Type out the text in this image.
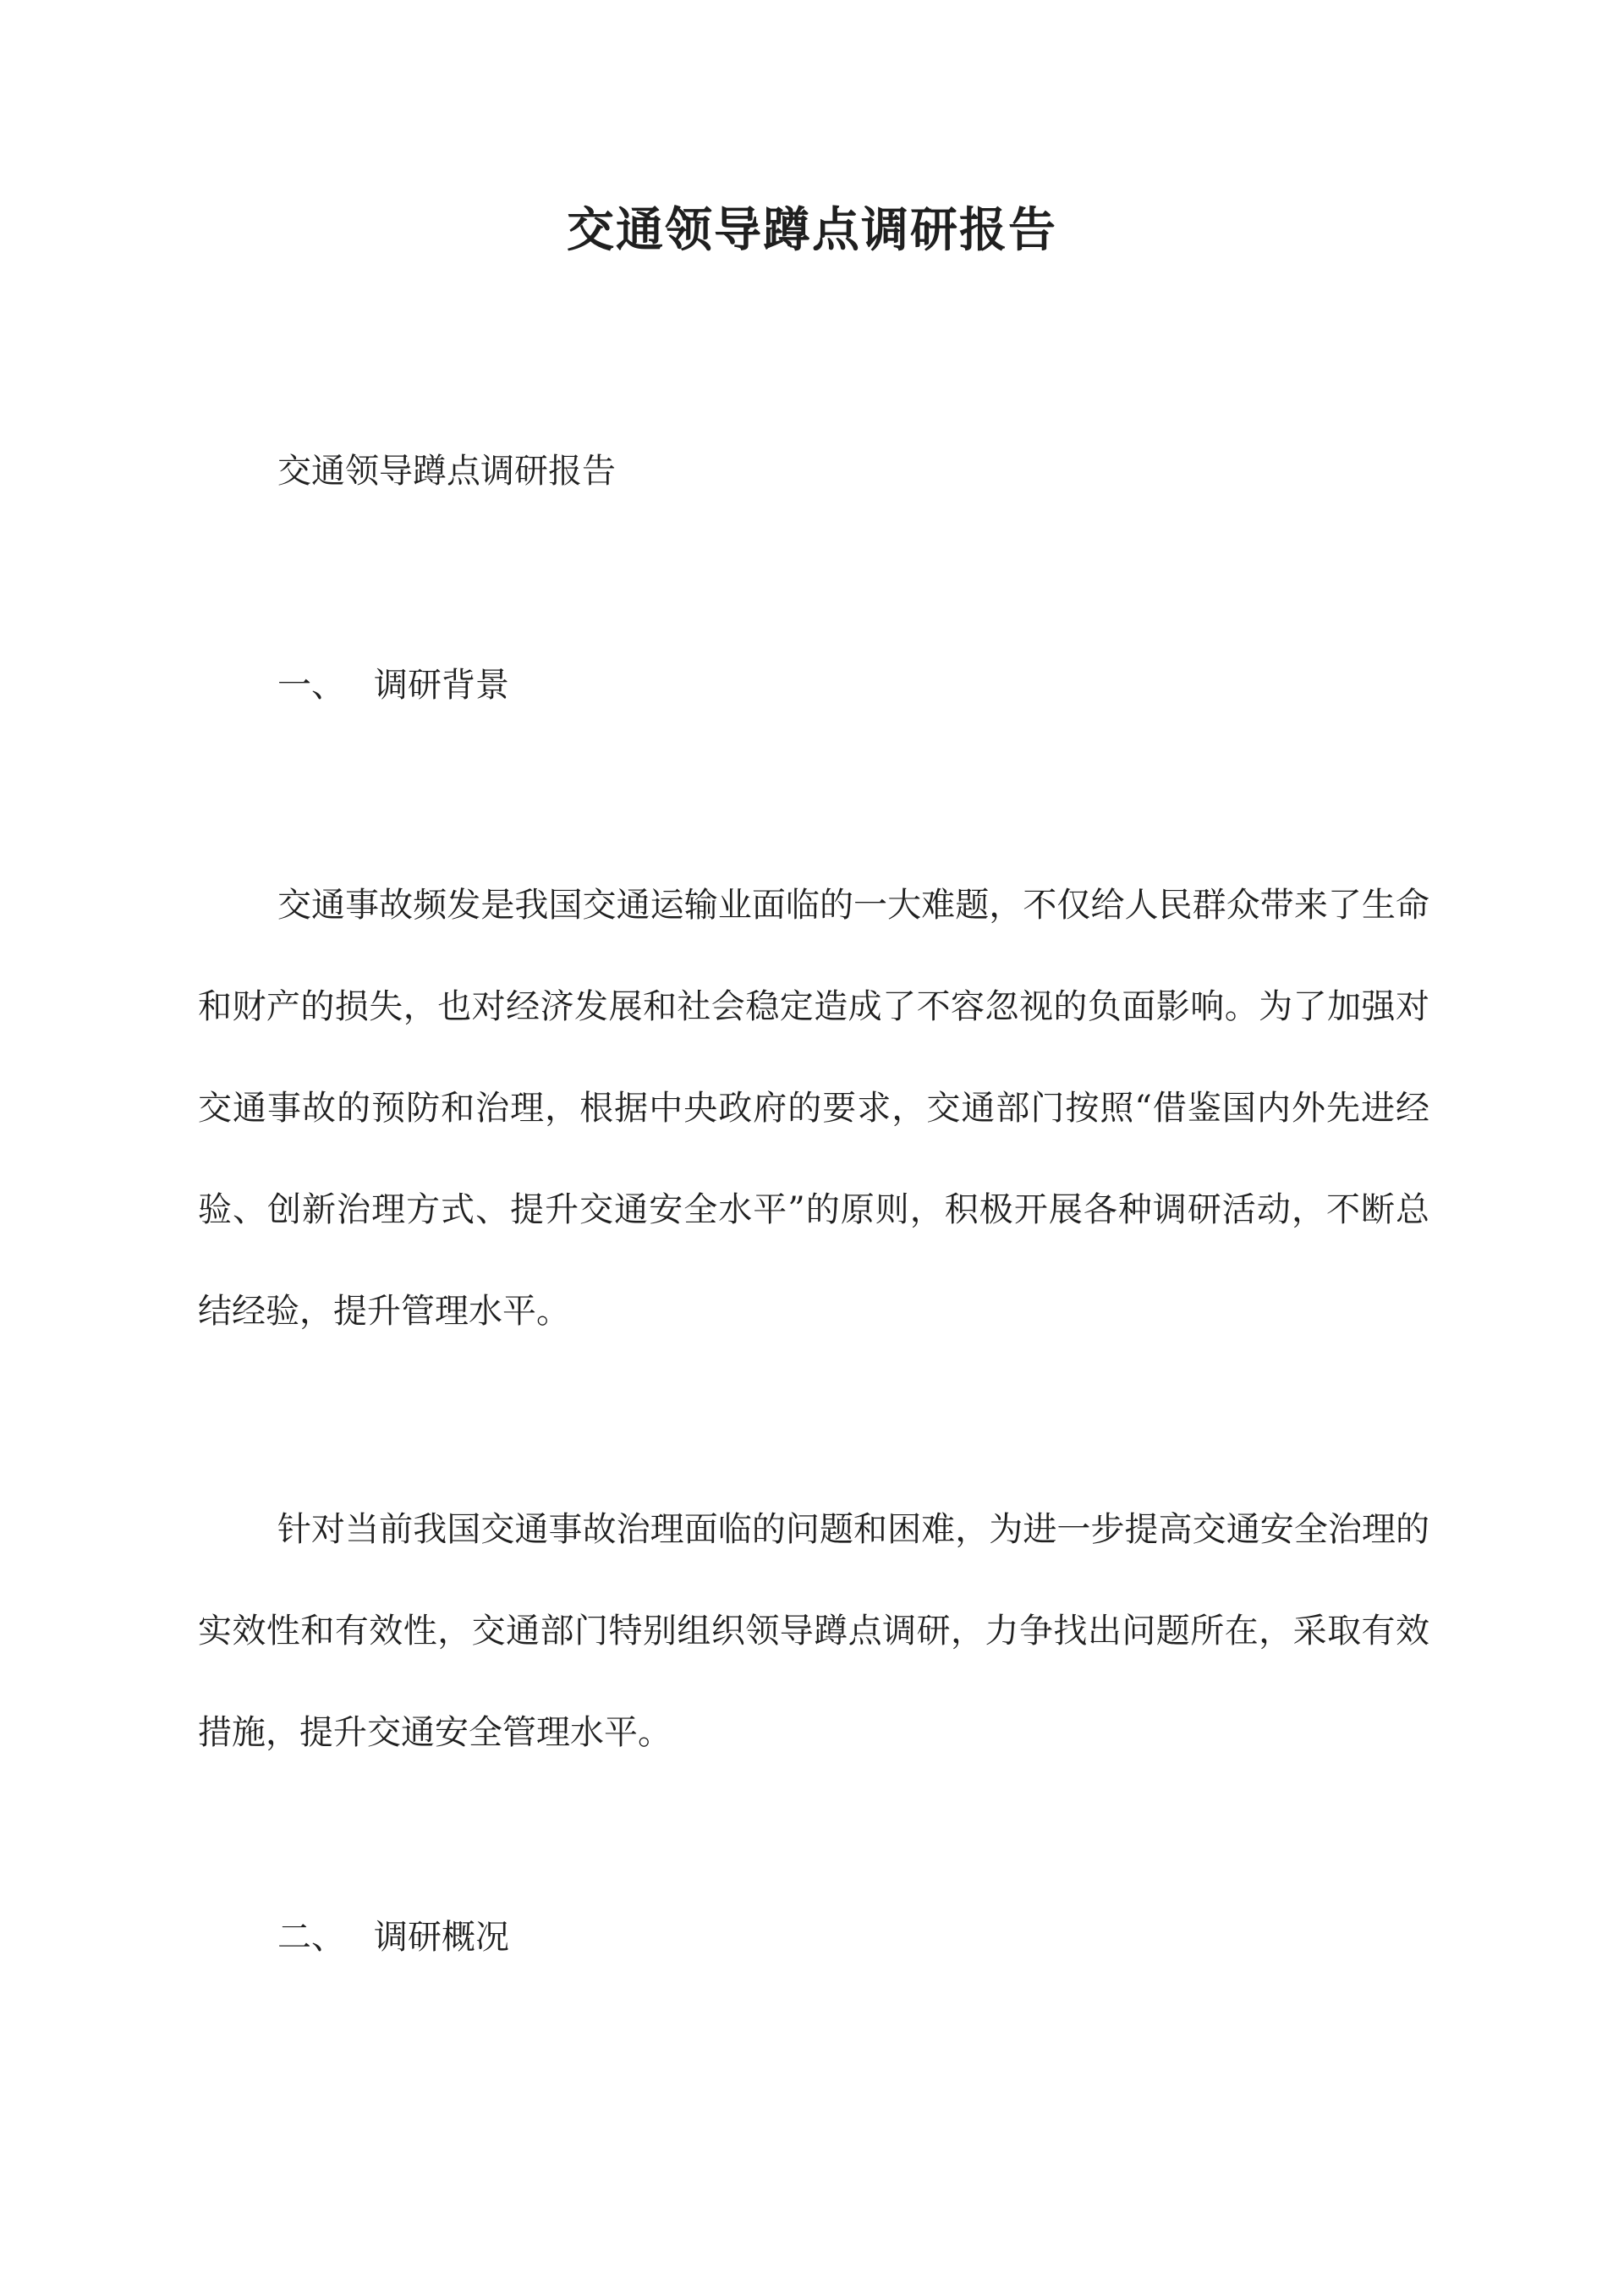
交通领导蹲点调研报告

交通领导蹲点调研报告

一、 调研背景

交通事故频发是我国交通运输业面临的一大难题，不仅给人民群众带来了生命和财产的损失，也对经济发展和社会稳定造成了不容忽视的负面影响。为了加强对交通事故的预防和治理，根据中央政府的要求，交通部门按照“借鉴国内外先进经验、创新治理方式、提升交通安全水平”的原则，积极开展各种调研活动，不断总结经验，提升管理水平。

针对当前我国交通事故治理面临的问题和困难，为进一步提高交通安全治理的实效性和有效性，交通部门特别组织领导蹲点调研，力争找出问题所在，采取有效措施，提升交通安全管理水平。

二、 调研概况
